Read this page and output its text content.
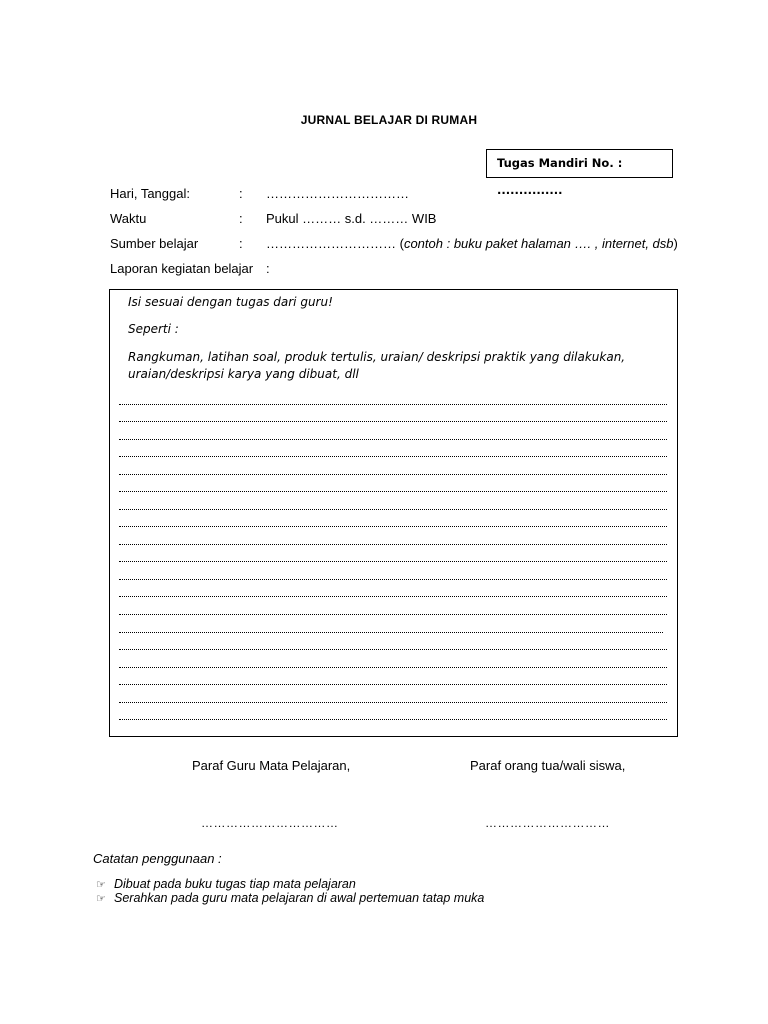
JURNAL BELAJAR DI RUMAH
Tugas Mandiri No. : ...............
Hari, Tanggal:	: ……………………………
Waktu	: Pukul ……… s.d. ……… WIB
Sumber belajar	: ………………………… (contoh : buku paket halaman …. , internet, dsb)
Laporan kegiatan belajar :
Isi sesuai dengan tugas dari guru!
Seperti :
Rangkuman, latihan soal, produk tertulis, uraian/ deskripsi praktik yang dilakukan,
uraian/deskripsi karya yang dibuat, dll
Paraf Guru Mata Pelajaran,	Paraf orang tua/wali siswa,
……………………………	…………………………
Catatan penggunaan :
☞ Dibuat pada buku tugas tiap mata pelajaran
☞ Serahkan pada guru mata pelajaran di awal pertemuan tatap muka
